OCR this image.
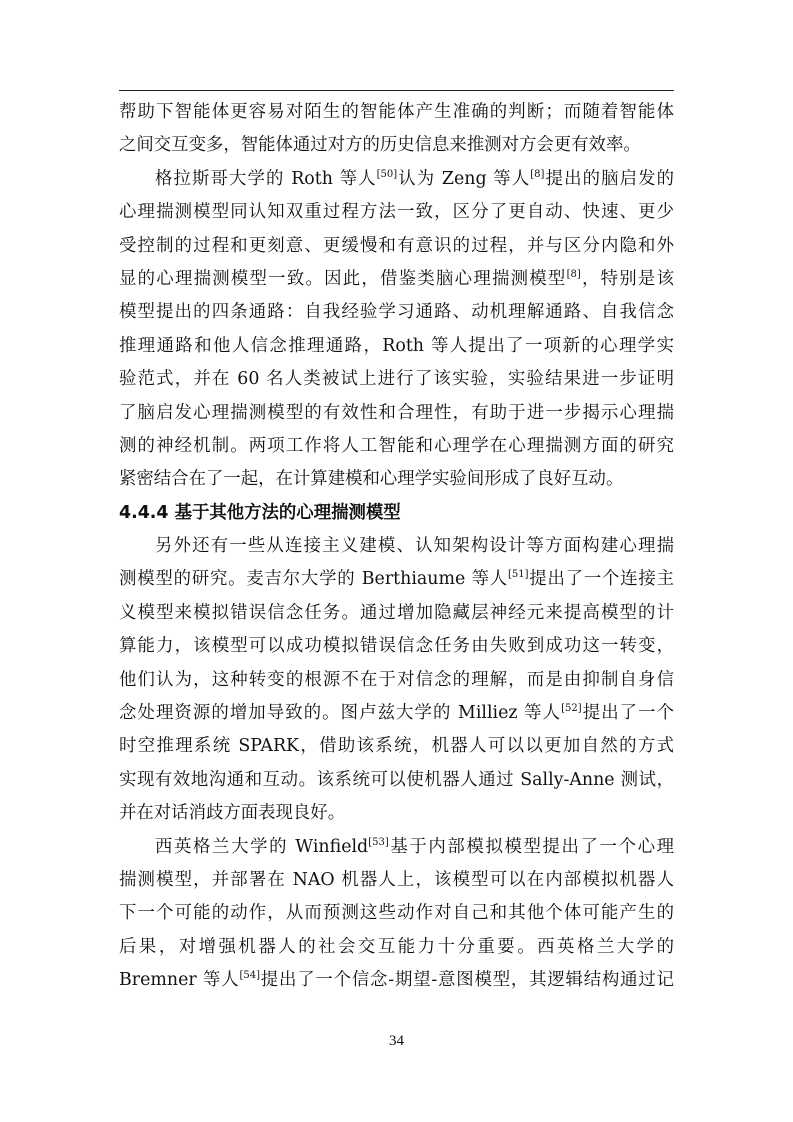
帮助下智能体更容易对陌生的智能体产生准确的判断；而随着智能体
之间交互变多，智能体通过对方的历史信息来推测对方会更有效率。
格拉斯哥大学的 Roth 等人[50]认为 Zeng 等人[8]提出的脑启发的
心理揣测模型同认知双重过程方法一致，区分了更自动、快速、更少
受控制的过程和更刻意、更缓慢和有意识的过程，并与区分内隐和外
显的心理揣测模型一致。因此，借鉴类脑心理揣测模型[8]，特别是该
模型提出的四条通路：自我经验学习通路、动机理解通路、自我信念
推理通路和他人信念推理通路，Roth 等人提出了一项新的心理学实
验范式，并在 60 名人类被试上进行了该实验，实验结果进一步证明
了脑启发心理揣测模型的有效性和合理性，有助于进一步揭示心理揣
测的神经机制。两项工作将人工智能和心理学在心理揣测方面的研究
紧密结合在了一起，在计算建模和心理学实验间形成了良好互动。
4.4.4 基于其他方法的心理揣测模型
另外还有一些从连接主义建模、认知架构设计等方面构建心理揣
测模型的研究。麦吉尔大学的 Berthiaume 等人[51]提出了一个连接主
义模型来模拟错误信念任务。通过增加隐藏层神经元来提高模型的计
算能力，该模型可以成功模拟错误信念任务由失败到成功这一转变，
他们认为，这种转变的根源不在于对信念的理解，而是由抑制自身信
念处理资源的增加导致的。图卢兹大学的 Milliez 等人[52]提出了一个
时空推理系统 SPARK，借助该系统，机器人可以以更加自然的方式
实现有效地沟通和互动。该系统可以使机器人通过 Sally-Anne 测试，
并在对话消歧方面表现良好。
西英格兰大学的 Winfield[53]基于内部模拟模型提出了一个心理
揣测模型，并部署在 NAO 机器人上，该模型可以在内部模拟机器人
下一个可能的动作，从而预测这些动作对自己和其他个体可能产生的
后果，对增强机器人的社会交互能力十分重要。西英格兰大学的
Bremner 等人[54]提出了一个信念-期望-意图模型，其逻辑结构通过记
34
